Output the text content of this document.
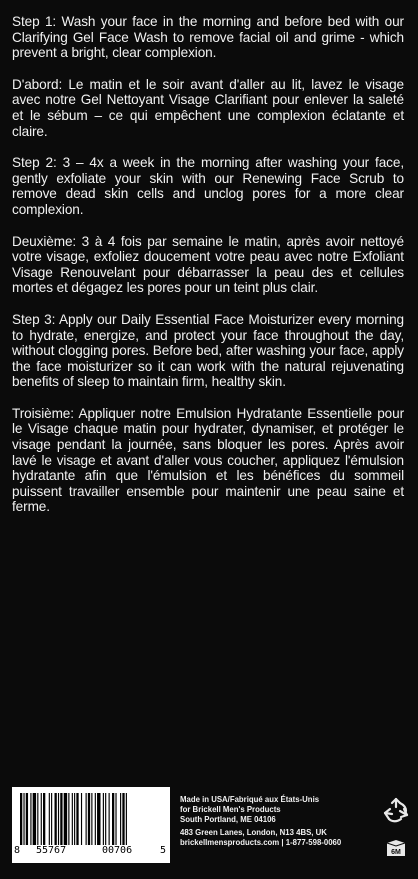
Step 1: Wash your face in the morning and before bed with our Clarifying Gel Face Wash to remove facial oil and grime - which prevent a bright, clear complexion.

D'abord: Le matin et le soir avant d'aller au lit, lavez le visage avec notre Gel Nettoyant Visage Clarifiant pour enlever la saleté et le sébum – ce qui empêchent une complexion éclatante et claire.

Step 2: 3 – 4x a week in the morning after washing your face, gently exfoliate your skin with our Renewing Face Scrub to remove dead skin cells and unclog pores for a more clear complexion.

Deuxième: 3 à 4 fois par semaine le matin, après avoir nettoyé votre visage, exfoliez doucement votre peau avec notre Exfoliant Visage Renouvelant pour débarrasser la peau des et cellules mortes et dégagez les pores pour un teint plus clair.

Step 3: Apply our Daily Essential Face Moisturizer every morning to hydrate, energize, and protect your face throughout the day, without clogging pores. Before bed, after washing your face, apply the face moisturizer so it can work with the natural rejuvenating benefits of sleep to maintain firm, healthy skin.

Troisième: Appliquer notre Emulsion Hydratante Essentielle pour le Visage chaque matin pour hydrater, dynamiser, et protéger le visage pendant la journée, sans bloquer les pores. Après avoir lavé le visage et avant d'aller vous coucher, appliquez l'émulsion hydratante afin que l'émulsion et les bénéfices du sommeil puissent travailler ensemble pour maintenir une peau saine et ferme.

8 55767	00706	5
Made in USA/Fabriqué aux États-Unis
for Brickell Men's Products
South Portland, ME 04106
483 Green Lanes, London, N13 4BS, UK
brickellmensproducts.com | 1-877-598-0060
6M
